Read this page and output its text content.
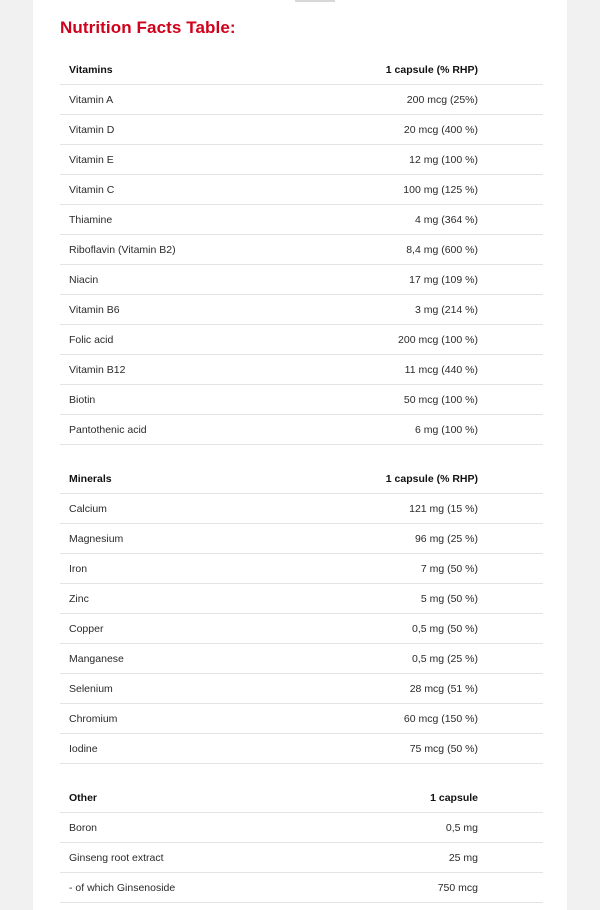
Nutrition Facts Table:
Vitamins	1 capsule (% RHP)
Vitamin A	200 mcg (25%)
Vitamin D	20 mcg (400 %)
Vitamin E	12 mg (100 %)
Vitamin C	100 mg (125 %)
Thiamine	4 mg (364 %)
Riboflavin (Vitamin B2)	8,4 mg (600 %)
Niacin	17 mg (109 %)
Vitamin B6	3 mg (214 %)
Folic acid	200 mcg (100 %)
Vitamin B12	11 mcg (440 %)
Biotin	50 mcg (100 %)
Pantothenic acid	6 mg (100 %)
Minerals	1 capsule (% RHP)
Calcium	121 mg (15 %)
Magnesium	96 mg (25 %)
Iron	7 mg (50 %)
Zinc	5 mg (50 %)
Copper	0,5 mg (50 %)
Manganese	0,5 mg (25 %)
Selenium	28 mcg (51 %)
Chromium	60 mcg (150 %)
Iodine	75 mcg (50 %)
Other	1 capsule
Boron	0,5 mg
Ginseng root extract	25 mg
- of which Ginsenoside	750 mcg
